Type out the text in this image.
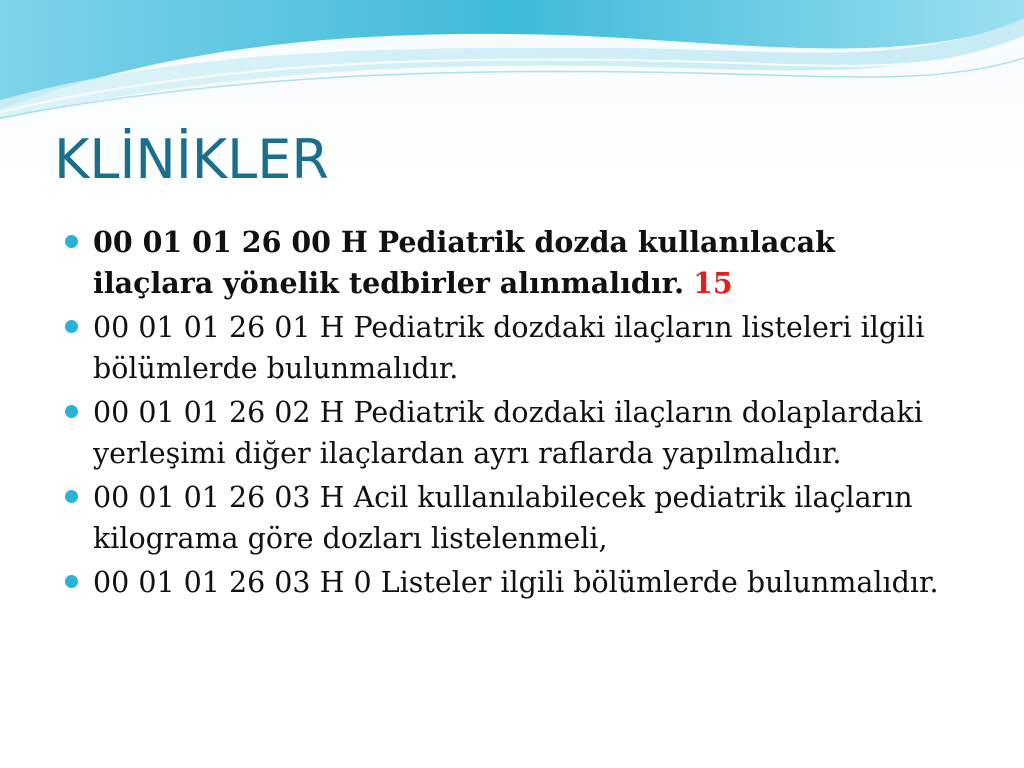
KLİNİKLER
00 01 01 26 00 H Pediatrik dozda kullanılacak ilaçlara yönelik tedbirler alınmalıdır. 15
00 01 01 26 01 H Pediatrik dozdaki ilaçların listeleri ilgili bölümlerde bulunmalıdır.
00 01 01 26 02 H Pediatrik dozdaki ilaçların dolaplardaki yerleşimi diğer ilaçlardan ayrı raflarda yapılmalıdır.
00 01 01 26 03 H Acil kullanılabilecek pediatrik ilaçların kilograma göre dozları listelenmeli,
00 01 01 26 03 H 0 Listeler ilgili bölümlerde bulunmalıdır.
